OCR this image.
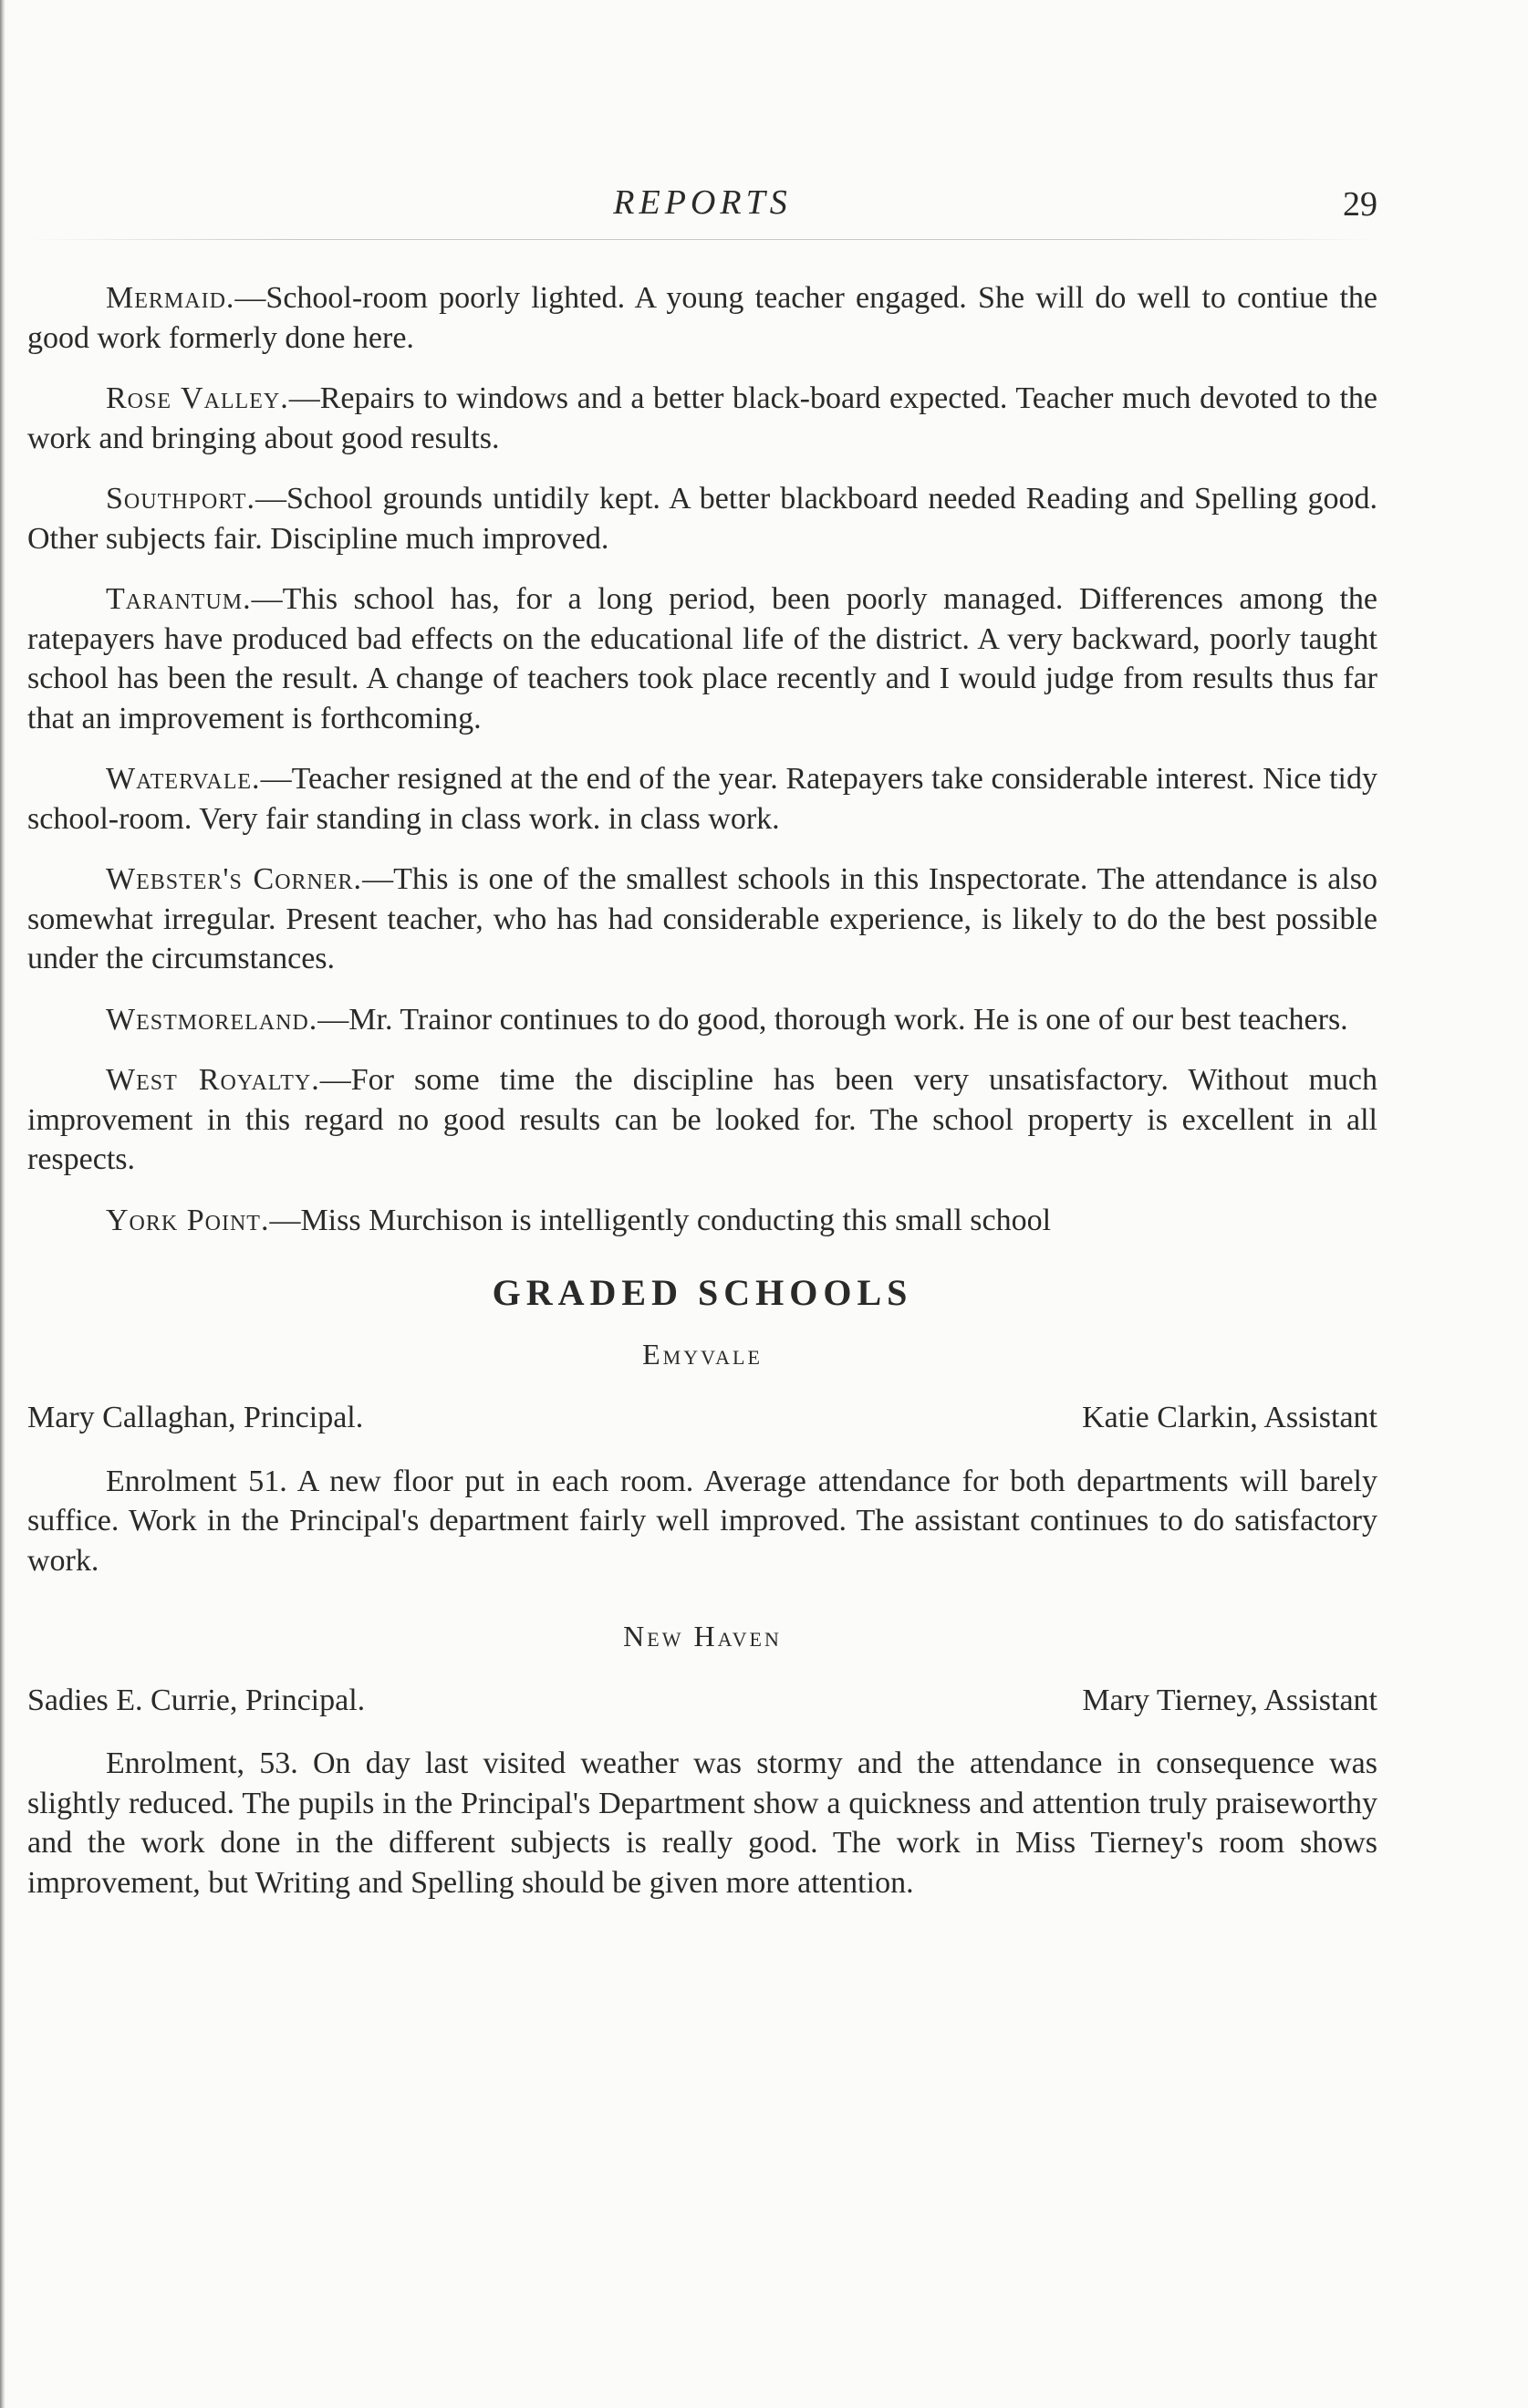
REPORTS	29

Mermaid.—School-room poorly lighted. A young teacher engaged. She will do well to contiue the good work formerly done here.

Rose Valley.—Repairs to windows and a better black-board expected. Teacher much devoted to the work and bringing about good results.

Southport.—School grounds untidily kept. A better blackboard needed Reading and Spelling good. Other subjects fair. Discipline much improved.

Tarantum.—This school has, for a long period, been poorly managed. Differences among the ratepayers have produced bad effects on the educational life of the district. A very backward, poorly taught school has been the result. A change of teachers took place recently and I would judge from results thus far that an improvement is forthcoming.

Watervale.—Teacher resigned at the end of the year. Ratepayers take considerable interest. Nice tidy school-room. Very fair standing in class work. in class work.

Webster's Corner.—This is one of the smallest schools in this Inspectorate. The attendance is also somewhat irregular. Present teacher, who has had considerable experience, is likely to do the best possible under the circumstances.

Westmoreland.—Mr. Trainor continues to do good, thorough work. He is one of our best teachers.

West Royalty.—For some time the discipline has been very unsatisfactory. Without much improvement in this regard no good results can be looked for. The school property is excellent in all respects.

York Point.—Miss Murchison is intelligently conducting this small school

GRADED SCHOOLS
Emyvale
Mary Callaghan, Principal.	Katie Clarkin, Assistant

Enrolment 51. A new floor put in each room. Average attendance for both departments will barely suffice. Work in the Principal's department fairly well improved. The assistant continues to do satisfactory work.

New Haven
Sadies E. Currie, Principal.	Mary Tierney, Assistant

Enrolment, 53. On day last visited weather was stormy and the attendance in consequence was slightly reduced. The pupils in the Principal's Department show a quickness and attention truly praiseworthy and the work done in the different subjects is really good. The work in Miss Tierney's room shows improvement, but Writing and Spelling should be given more attention.
